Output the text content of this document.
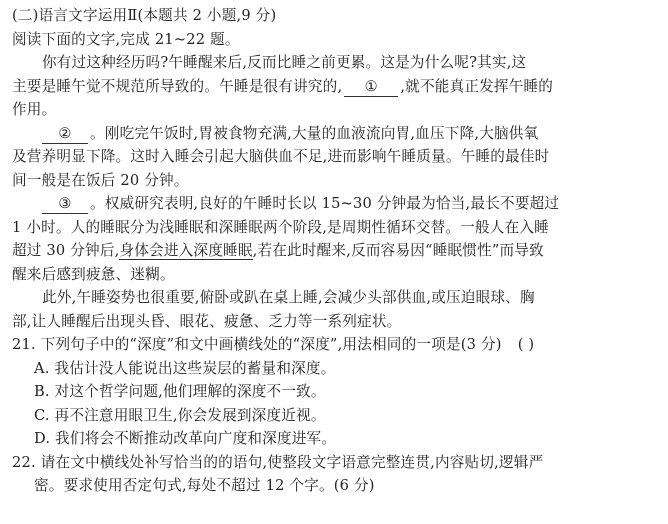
(二)语言文字运用Ⅱ(本题共 2 小题,9 分)
阅读下面的文字,完成 21~22 题。
你有过这种经历吗?午睡醒来后,反而比睡之前更累。这是为什么呢?其实,这
主要是睡午觉不规范所导致的。午睡是很有讲究的, ① ,就不能真正发挥午睡的
作用。
② 。刚吃完午饭时,胃被食物充满,大量的血液流向胃,血压下降,大脑供氧
及营养明显下降。这时入睡会引起大脑供血不足,进而影响午睡质量。午睡的最佳时
间一般是在饭后 20 分钟。
③ 。权威研究表明,良好的午睡时长以 15~30 分钟最为恰当,最长不要超过
1 小时。人的睡眠分为浅睡眠和深睡眠两个阶段,是周期性循环交替。一般人在入睡
超过 30 分钟后,身体会进入深度睡眠,若在此时醒来,反而容易因“睡眠惯性”而导致
醒来后感到疲惫、迷糊。
此外,午睡姿势也很重要,俯卧或趴在桌上睡,会减少头部供血,或压迫眼球、胸
部,让人睡醒后出现头昏、眼花、疲惫、乏力等一系列症状。
21. 下列句子中的“深度”和文中画横线处的“深度”,用法相同的一项是(3 分) ( )
A. 我估计没人能说出这些炭层的蓄量和深度。
B. 对这个哲学问题,他们理解的深度不一致。
C. 再不注意用眼卫生,你会发展到深度近视。
D. 我们将会不断推动改革向广度和深度进军。
22. 请在文中横线处补写恰当的的语句,使整段文字语意完整连贯,内容贴切,逻辑严
密。要求使用否定句式,每处不超过 12 个字。(6 分)
